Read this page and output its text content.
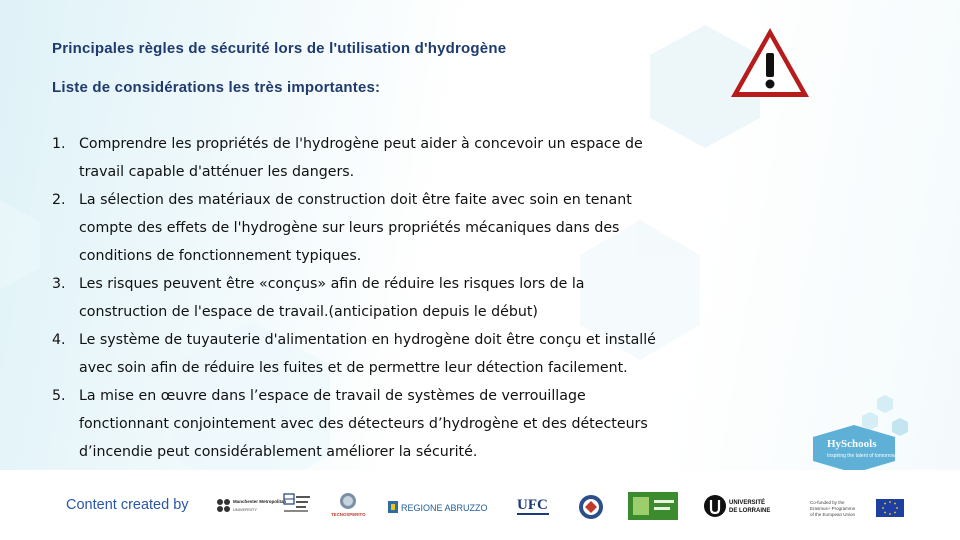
Principales règles de sécurité lors de l'utilisation d'hydrogène
Liste de considérations les très importantes:
1. Comprendre les propriétés de l'hydrogène peut aider à concevoir un espace de
travail capable d'atténuer les dangers.
2. La sélection des matériaux de construction doit être faite avec soin en tenant
compte des effets de l'hydrogène sur leurs propriétés mécaniques dans des
conditions de fonctionnement typiques.
3. Les risques peuvent être «conçus» afin de réduire les risques lors de la
construction de l'espace de travail.(anticipation depuis le début)
4. Le système de tuyauterie d'alimentation en hydrogène doit être conçu et installé
avec soin afin de réduire les fuites et de permettre leur détection facilement.
5. La mise en œuvre dans l’espace de travail de systèmes de verrouillage
fonctionnant conjointement avec des détecteurs d’hydrogène et des détecteurs
d’incendie peut considérablement améliorer la sécurité.	HySchools
Inspiring the talent of tomorrow
Content created by	Manchester Metropolitan
UNIVERSITY
TECNOSPERITO
REGIONE ABRUZZO UFC	UNIVERSITÉ
DE LORRAINE
Co-funded by the
Erasmus+ Programme
of the European Union
